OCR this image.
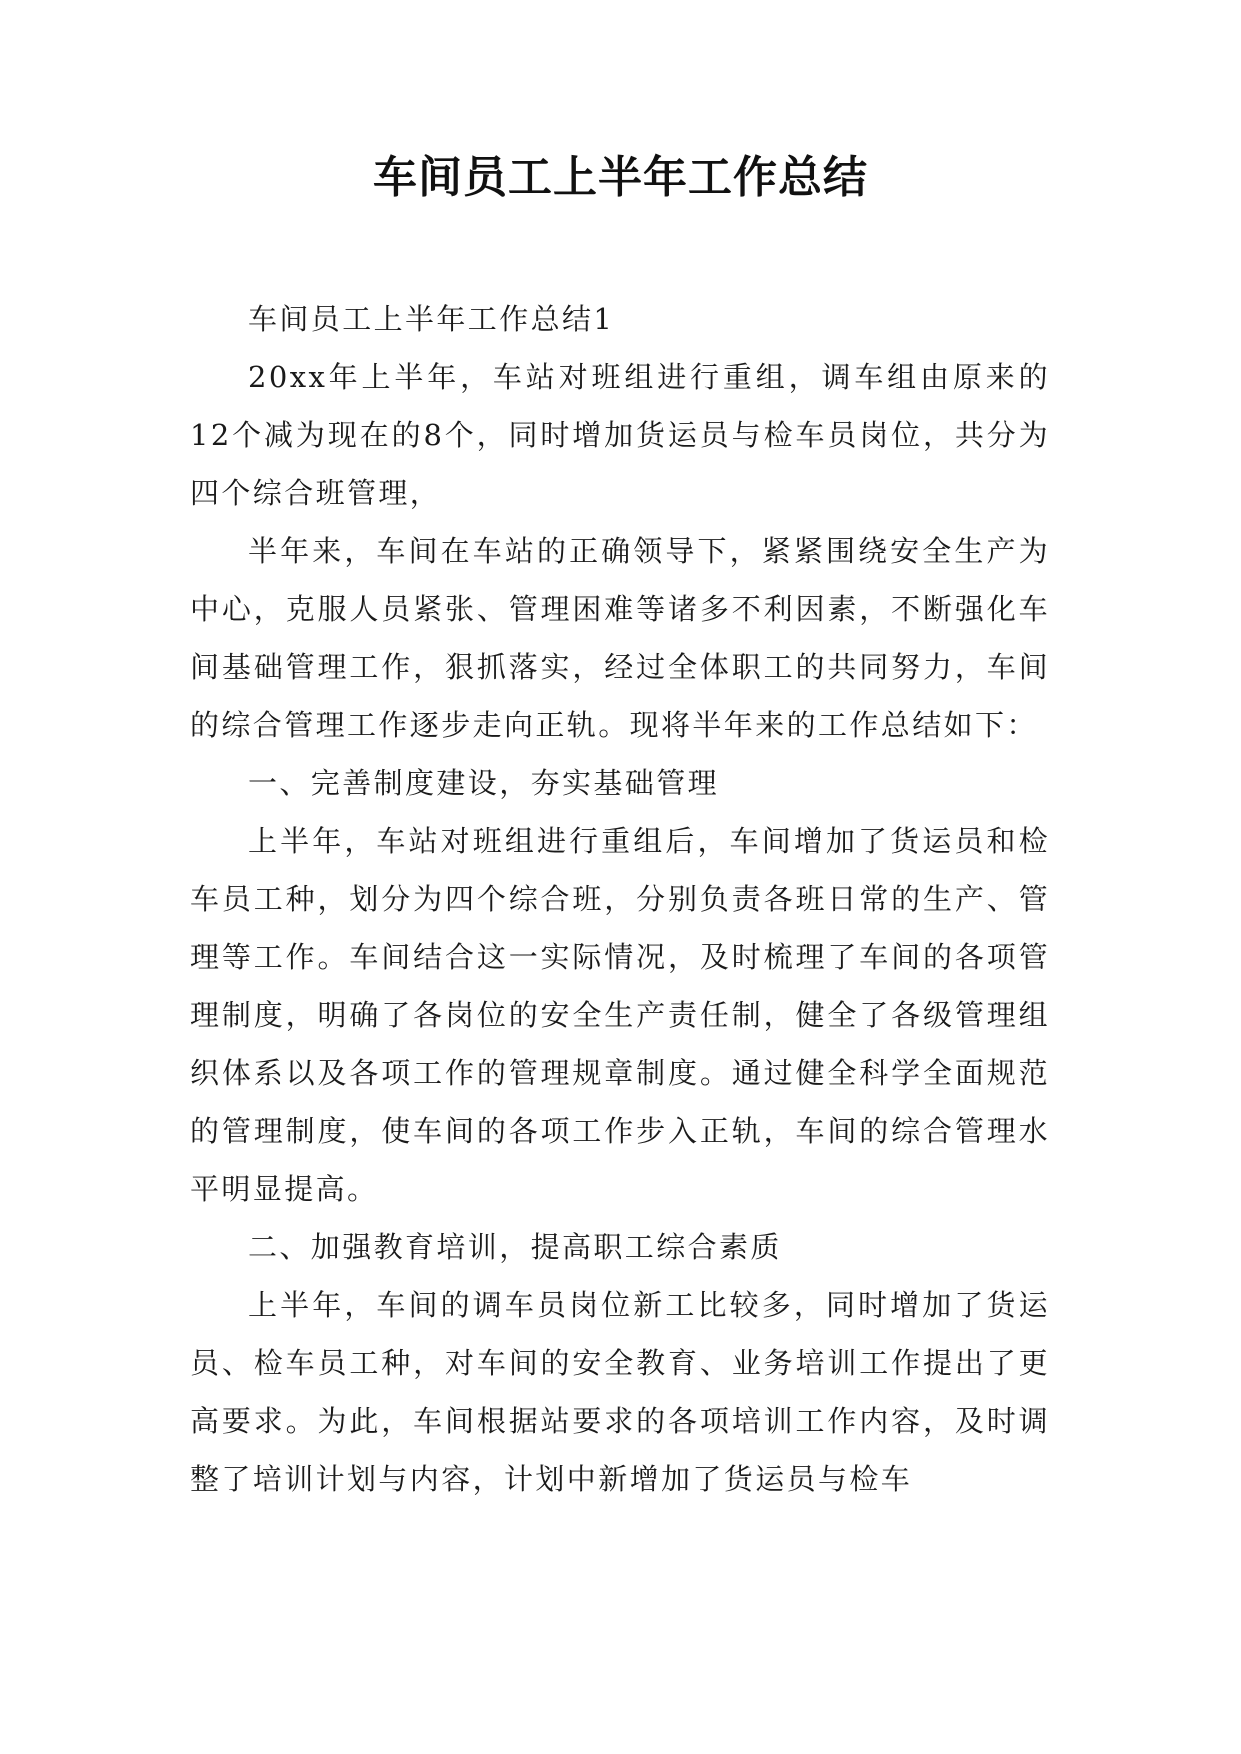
车间员工上半年工作总结

车间员工上半年工作总结1

20xx年上半年，车站对班组进行重组，调车组由原来的12个减为现在的8个，同时增加货运员与检车员岗位，共分为四个综合班管理，

半年来，车间在车站的正确领导下，紧紧围绕安全生产为中心，克服人员紧张、管理困难等诸多不利因素，不断强化车间基础管理工作，狠抓落实，经过全体职工的共同努力，车间的综合管理工作逐步走向正轨。现将半年来的工作总结如下：

一、完善制度建设，夯实基础管理

上半年，车站对班组进行重组后，车间增加了货运员和检车员工种，划分为四个综合班，分别负责各班日常的生产、管理等工作。车间结合这一实际情况，及时梳理了车间的各项管理制度，明确了各岗位的安全生产责任制，健全了各级管理组织体系以及各项工作的管理规章制度。通过健全科学全面规范的管理制度，使车间的各项工作步入正轨，车间的综合管理水平明显提高。

二、加强教育培训，提高职工综合素质

上半年，车间的调车员岗位新工比较多，同时增加了货运员、检车员工种，对车间的安全教育、业务培训工作提出了更高要求。为此，车间根据站要求的各项培训工作内容，及时调整了培训计划与内容，计划中新增加了货运员与检车
